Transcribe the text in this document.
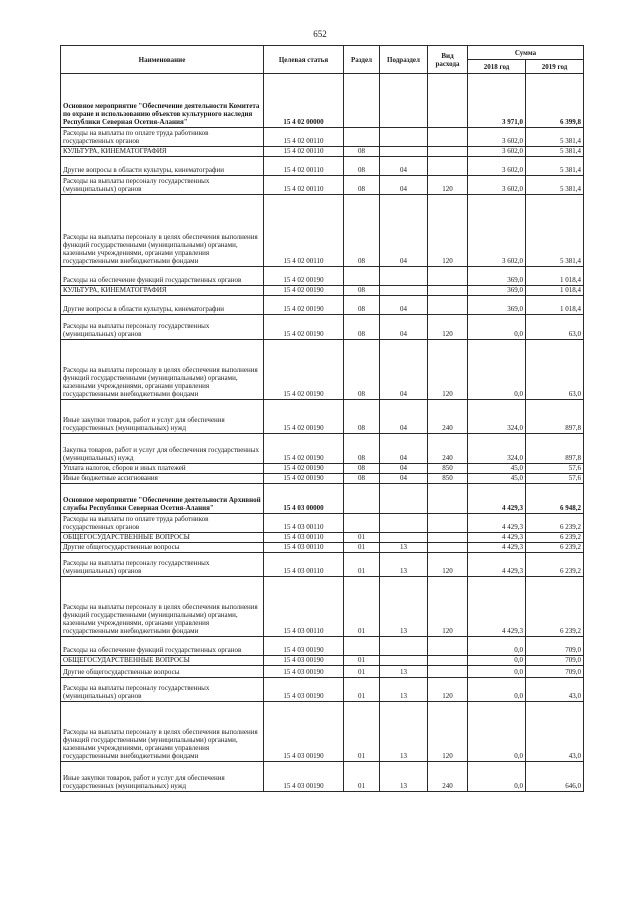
652
Наименование	Целевая статья	Раздел	Подраздел	Вид расхода	Сумма	
					2018 год	2019 год
Основное мероприятие "Обеспечение деятельности Комитета по охране и использованию объектов культурного наследия Республики Северная Осетия-Алания"	15 4 02 00000				3 971,0	6 399,8
Расходы на выплаты по оплате труда работников государственных органов	15 4 02 00110				3 602,0	5 381,4
КУЛЬТУРА, КИНЕМАТОГРАФИЯ	15 4 02 00110	08			3 602,0	5 381,4
Другие вопросы в области культуры, кинематографии	15 4 02 00110	08	04		3 602,0	5 381,4
Расходы на выплаты персоналу государственных (муниципальных) органов	15 4 02 00110	08	04	120	3 602,0	5 381,4
Расходы на выплаты персоналу в целях обеспечения выполнения функций государственными (муниципальными) органами, казенными учреждениями, органами управления государственными внебюджетными фондами	15 4 02 00110	08	04	120	3 602,0	5 381,4
Расходы на обеспечение функций государственных органов	15 4 02 00190				369,0	1 018,4
КУЛЬТУРА, КИНЕМАТОГРАФИЯ	15 4 02 00190	08			369,0	1 018,4
Другие вопросы в области культуры, кинематографии	15 4 02 00190	08	04		369,0	1 018,4
Расходы на выплаты персоналу государственных (муниципальных) органов	15 4 02 00190	08	04	120	0,0	63,0
Расходы на выплаты персоналу в целях обеспечения выполнения функций государственными (муниципальными) органами, казенными учреждениями, органами управления государственными внебюджетными фондами	15 4 02 00190	08	04	120	0,0	63,0
Иные закупки товаров, работ и услуг для обеспечения государственных (муниципальных) нужд	15 4 02 00190	08	04	240	324,0	897,8
Закупка товаров, работ и услуг для обеспечения государственных (муниципальных) нужд	15 4 02 00190	08	04	240	324,0	897,8
Уплата налогов, сборов и иных платежей	15 4 02 00190	08	04	850	45,0	57,6
Иные бюджетные ассигнования	15 4 02 00190	08	04	850	45,0	57,6
Основное мероприятие "Обеспечение деятельности Архивной службы Республики Северная Осетия-Алания"	15 4 03 00000				4 429,3	6 948,2
Расходы на выплаты по оплате труда работников государственных органов	15 4 03 00110				4 429,3	6 239,2
ОБЩЕГОСУДАРСТВЕННЫЕ ВОПРОСЫ	15 4 03 00110	01			4 429,3	6 239,2
Другие общегосударственные вопросы	15 4 03 00110	01	13		4 429,3	6 239,2
Расходы на выплаты персоналу государственных (муниципальных) органов	15 4 03 00110	01	13	120	4 429,3	6 239,2
Расходы на выплаты персоналу в целях обеспечения выполнения функций государственными (муниципальными) органами, казенными учреждениями, органами управления государственными внебюджетными фондами	15 4 03 00110	01	13	120	4 429,3	6 239,2
Расходы на обеспечение функций государственных органов	15 4 03 00190				0,0	709,0
ОБЩЕГОСУДАРСТВЕННЫЕ ВОПРОСЫ	15 4 03 00190	01			0,0	709,0
Другие общегосударственные вопросы	15 4 03 00190	01	13		0,0	709,0
Расходы на выплаты персоналу государственных (муниципальных) органов	15 4 03 00190	01	13	120	0,0	43,0
Расходы на выплаты персоналу в целях обеспечения выполнения функций государственными (муниципальными) органами, казенными учреждениями, органами управления государственными внебюджетными фондами	15 4 03 00190	01	13	120	0,0	43,0
Иные закупки товаров, работ и услуг для обеспечения государственных (муниципальных) нужд	15 4 03 00190	01	13	240	0,0	646,0
